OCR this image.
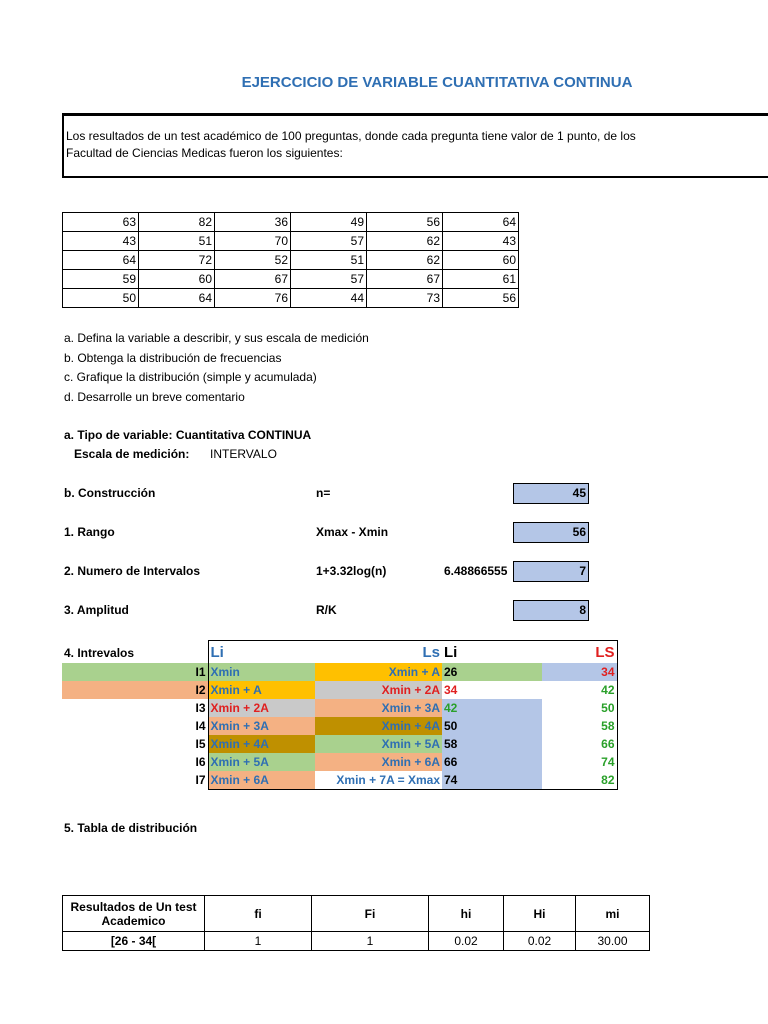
EJERCCICIO DE VARIABLE CUANTITATIVA CONTINUA

Los resultados de un test académico de 100 preguntas, donde cada pregunta tiene valor de 1 punto, de los
Facultad de Ciencias Medicas fueron los siguientes:

63	82	36	49	56	64
43	51	70	57	62	43
64	72	52	51	62	60
59	60	67	57	67	61
50	64	76	44	73	56
a. Defina la variable a describir, y sus escala de medición
b. Obtenga la distribución de frecuencias
c. Grafique la distribución (simple y acumulada)
d. Desarrolle un breve comentario
a. Tipo de variable: Cuantitativa CONTINUA
Escala de medición: INTERVALO
b. Construcción	n=	45
1. Rango	Xmax - Xmin	56
2. Numero de Intervalos	1+3.32log(n)	6.48866555	7
3. Amplitud	R/K	8
4. Intrevalos
		Li	Ls	Li	LS
I1	Xmin	Xmin + A	26	34
I2	Xmin + A	Xmin + 2A	34	42
I3	Xmin + 2A	Xmin + 3A	42	50
I4	Xmin + 3A	Xmin + 4A	50	58
I5	Xmin + 4A	Xmin + 5A	58	66
I6	Xmin + 5A	Xmin + 6A	66	74
I7	Xmin + 6A	Xmin + 7A = Xmax	74	82
5. Tabla de distribución
Resultados de Un test Academico	fi	Fi	hi	Hi	mi
[26 - 34[	1	1	0.02	0.02	30.00
